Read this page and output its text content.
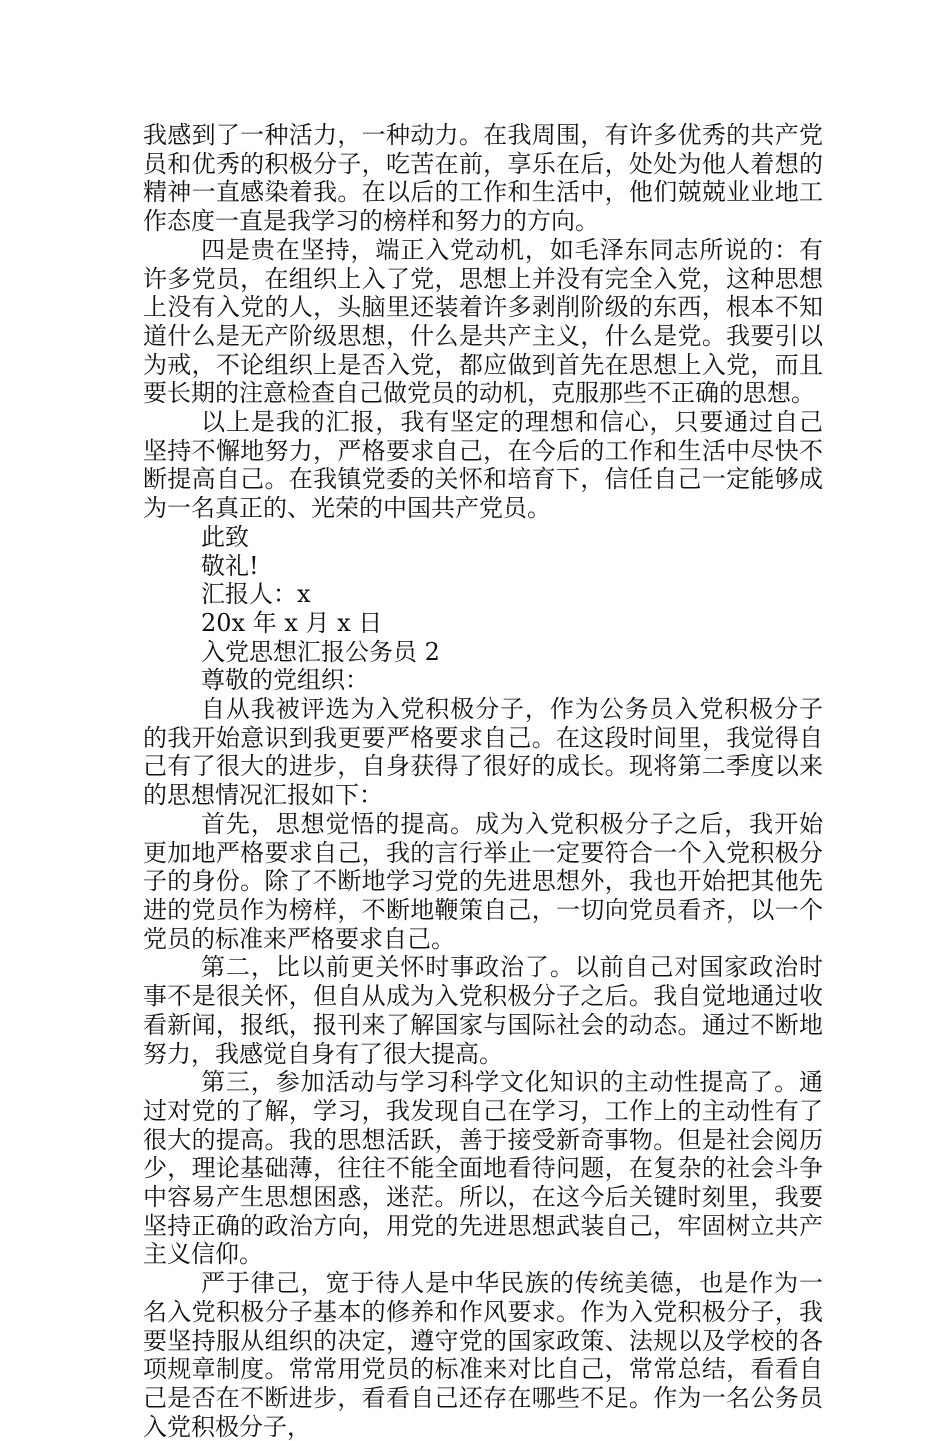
我感到了一种活力，一种动力。在我周围，有许多优秀的共产党员和优秀的积极分子，吃苦在前，享乐在后，处处为他人着想的精神一直感染着我。在以后的工作和生活中，他们兢兢业业地工作态度一直是我学习的榜样和努力的方向。

四是贵在坚持，端正入党动机，如毛泽东同志所说的：有许多党员，在组织上入了党，思想上并没有完全入党，这种思想上没有入党的人，头脑里还装着许多剥削阶级的东西，根本不知道什么是无产阶级思想，什么是共产主义，什么是党。我要引以为戒，不论组织上是否入党，都应做到首先在思想上入党，而且要长期的注意检查自己做党员的动机，克服那些不正确的思想。

以上是我的汇报，我有坚定的理想和信心，只要通过自己坚持不懈地努力，严格要求自己，在今后的工作和生活中尽快不断提高自己。在我镇党委的关怀和培育下，信任自己一定能够成为一名真正的、光荣的中国共产党员。

此致

敬礼!

汇报人：x

20x 年 x 月 x 日

入党思想汇报公务员 2

尊敬的党组织：

自从我被评选为入党积极分子，作为公务员入党积极分子的我开始意识到我更要严格要求自己。在这段时间里，我觉得自己有了很大的进步，自身获得了很好的成长。现将第二季度以来的思想情况汇报如下：

首先，思想觉悟的提高。成为入党积极分子之后，我开始更加地严格要求自己，我的言行举止一定要符合一个入党积极分子的身份。除了不断地学习党的先进思想外，我也开始把其他先进的党员作为榜样，不断地鞭策自己，一切向党员看齐，以一个党员的标准来严格要求自己。

第二，比以前更关怀时事政治了。以前自己对国家政治时事不是很关怀，但自从成为入党积极分子之后。我自觉地通过收看新闻，报纸，报刊来了解国家与国际社会的动态。通过不断地努力，我感觉自身有了很大提高。

第三，参加活动与学习科学文化知识的主动性提高了。通过对党的了解，学习，我发现自己在学习，工作上的主动性有了很大的提高。我的思想活跃，善于接受新奇事物。但是社会阅历少，理论基础薄，往往不能全面地看待问题，在复杂的社会斗争中容易产生思想困惑，迷茫。所以，在这今后关键时刻里，我要坚持正确的政治方向，用党的先进思想武装自己，牢固树立共产主义信仰。

严于律己，宽于待人是中华民族的传统美德，也是作为一名入党积极分子基本的修养和作风要求。作为入党积极分子，我要坚持服从组织的决定，遵守党的国家政策、法规以及学校的各项规章制度。常常用党员的标准来对比自己，常常总结，看看自己是否在不断进步，看看自己还存在哪些不足。作为一名公务员入党积极分子，
